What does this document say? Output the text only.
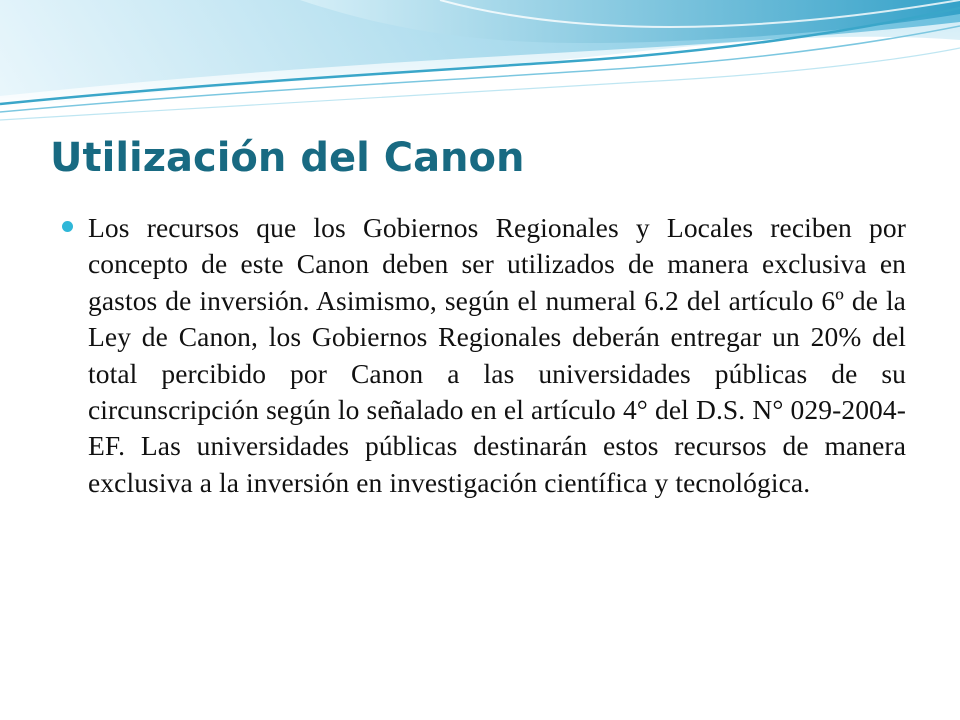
Utilización del Canon
Los recursos que los Gobiernos Regionales y Locales reciben por concepto de este Canon deben ser utilizados de manera exclusiva en gastos de inversión. Asimismo, según el numeral 6.2 del artículo 6º de la Ley de Canon, los Gobiernos Regionales deberán entregar un 20% del total percibido por Canon a las universidades públicas de su circunscripción según lo señalado en el artículo 4° del D.S. N° 029-2004-EF. Las universidades públicas destinarán estos recursos de manera exclusiva a la inversión en investigación científica y tecnológica.
